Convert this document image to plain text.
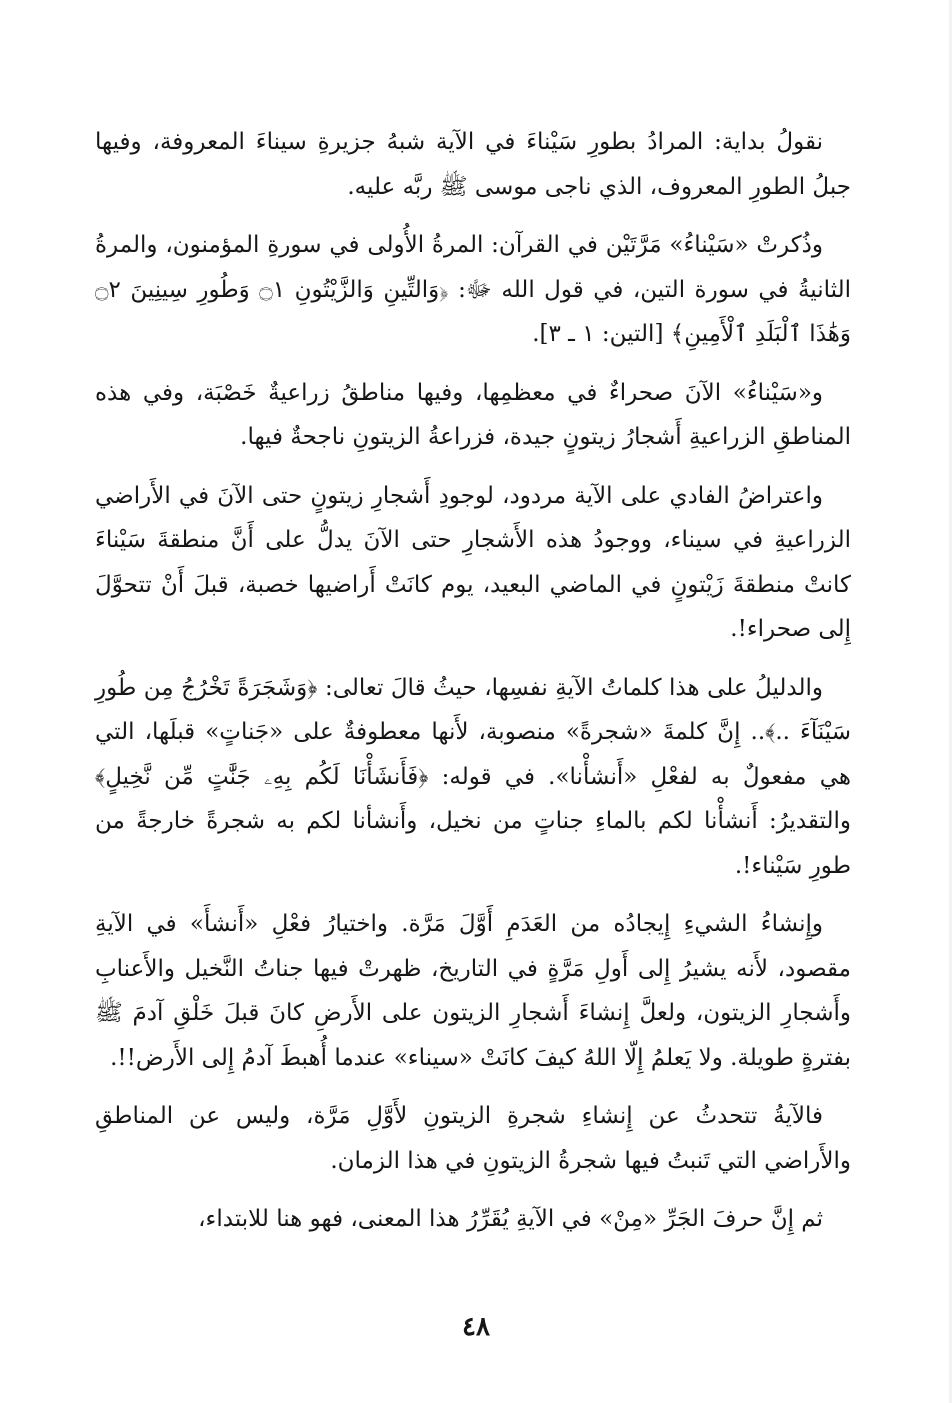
نقولُ بداية: المرادُ بطورِ سَيْناءَ في الآية شبهُ جزيرةِ سيناءَ المعروفة، وفيها جبلُ الطورِ المعروف، الذي ناجى موسى ﷺ ربَّه عليه.

وذُكرتْ «سَيْناءُ» مَرَّتَيْن في القرآن: المرةُ الأُولى في سورةِ المؤمنون، والمرةُ الثانيةُ في سورة التين، في قول الله ﷻ: ﴿وَالتِّينِ وَالزَّيْتُونِ ۝١ وَطُورِ سِينِينَ ۝٢ وَهَٰذَا ٱلْبَلَدِ ٱلْأَمِينِ﴾ [التين: ١ ـ ٣].

و«سَيْناءُ» الآنَ صحراءٌ في معظمِها، وفيها مناطقُ زراعيةٌ خَصْبَة، وفي هذه المناطقِ الزراعيةِ أَشجارُ زيتونٍ جيدة، فزراعةُ الزيتونِ ناجحةٌ فيها.

واعتراضُ الفادي على الآية مردود، لوجودِ أَشجارِ زيتونٍ حتى الآنَ في الأَراضي الزراعيةِ في سيناء، ووجودُ هذه الأَشجارِ حتى الآنَ يدلُّ على أَنَّ منطقةَ سَيْناءَ كانتْ منطقةَ زَيْتونٍ في الماضي البعيد، يوم كانَتْ أَراضيها خصبة، قبلَ أَنْ تتحوَّلَ إِلى صحراء!.

والدليلُ على هذا كلماتُ الآيةِ نفسِها، حيثُ قالَ تعالى: ﴿وَشَجَرَةً تَخْرُجُ مِن طُورِ سَيْنَآءَ ..﴾.. إِنَّ كلمةَ «شجرةً» منصوبة، لأَنها معطوفةٌ على «جَناتٍ» قبلَها، التي هي مفعولٌ به لفعْلِ «أَنشأْنا». في قوله: ﴿فَأَنشَأْنَا لَكُم بِهِۦ جَنَّٰتٍ مِّن نَّخِيلٍ﴾ والتقديرُ: أَنشأْنا لكم بالماءِ جناتٍ من نخيل، وأَنشأنا لكم به شجرةً خارجةً من طورِ سَيْناء!.

وإِنشاءُ الشيءِ إِيجادُه من العَدَمِ أَوَّلَ مَرَّة. واختيارُ فعْلِ «أَنشأَ» في الآيةِ مقصود، لأَنه يشيرُ إِلى أَولِ مَرَّةٍ في التاريخ، ظهرتْ فيها جناتُ النَّخيل والأَعنابِ وأَشجارِ الزيتون، ولعلَّ إِنشاءَ أَشجارِ الزيتون على الأَرضِ كانَ قبلَ خَلْقِ آدمَ ﷺ بفترةٍ طويلة. ولا يَعلمُ إِلّا اللهُ كيفَ كانَتْ «سيناء» عندما أُهبطَ آدمُ إِلى الأَرض!!.

فالآيةُ تتحدثُ عن إِنشاءِ شجرةِ الزيتونِ لأَوَّلِ مَرَّة، وليس عن المناطقِ والأَراضي التي تَنبتُ فيها شجرةُ الزيتونِ في هذا الزمان.

ثم إِنَّ حرفَ الجَرِّ «مِنْ» في الآيةِ يُقَرِّرُ هذا المعنى، فهو هنا للابتداء،

٤٨
